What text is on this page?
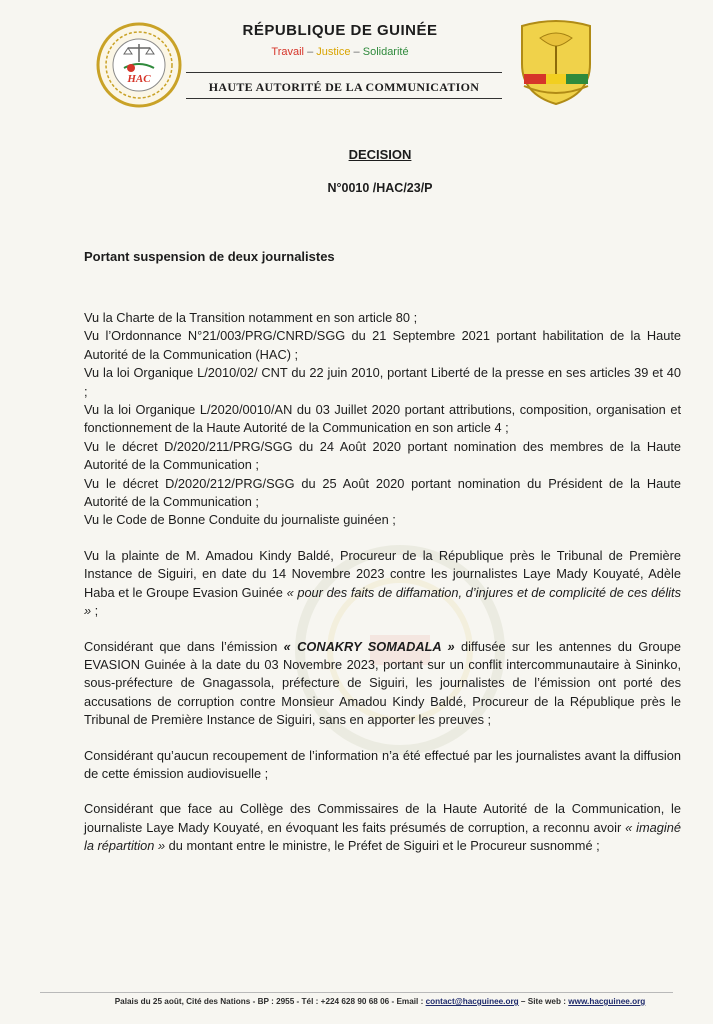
HAC
RÉPUBLIQUE DE GUINÉE
Travail – Justice – Solidarité
HAUTE AUTORITÉ DE LA COMMUNICATION
DECISION
N°0010 /HAC/23/P
Portant suspension de deux journalistes

Vu la Charte de la Transition notamment en son article 80 ;

Vu l’Ordonnance N°21/003/PRG/CNRD/SGG du 21 Septembre 2021 portant habilitation de la Haute Autorité de la Communication (HAC) ;

Vu la loi Organique L/2010/02/ CNT du 22 juin 2010, portant Liberté de la presse en ses articles 39 et 40 ;

Vu la loi Organique L/2020/0010/AN du 03 Juillet 2020 portant attributions, composition, organisation et fonctionnement de la Haute Autorité de la Communication en son article 4 ;

Vu le décret D/2020/211/PRG/SGG du 24 Août 2020 portant nomination des membres de la Haute Autorité de la Communication ;

Vu le décret D/2020/212/PRG/SGG du 25 Août 2020 portant nomination du Président de la Haute Autorité de la Communication ;

Vu le Code de Bonne Conduite du journaliste guinéen ;

Vu la plainte de M. Amadou Kindy Baldé, Procureur de la République près le Tribunal de Première Instance de Siguiri, en date du 14 Novembre 2023 contre les journalistes Laye Mady Kouyaté, Adèle Haba et le Groupe Evasion Guinée « pour des faits de diffamation, d’injures et de complicité de ces délits » ;

Considérant que dans l’émission « CONAKRY SOMADALA » diffusée sur les antennes du Groupe EVASION Guinée à la date du 03 Novembre 2023, portant sur un conflit intercommunautaire à Sininko, sous-préfecture de Gnagassola, préfecture de Siguiri, les journalistes de l’émission ont porté des accusations de corruption contre Monsieur Amadou Kindy Baldé, Procureur de la République près le Tribunal de Première Instance de Siguiri, sans en apporter les preuves ;

Considérant qu’aucun recoupement de l’information n’a été effectué par les journalistes avant la diffusion de cette émission audiovisuelle ;

Considérant que face au Collège des Commissaires de la Haute Autorité de la Communication, le journaliste Laye Mady Kouyaté, en évoquant les faits présumés de corruption, a reconnu avoir « imaginé la répartition » du montant entre le ministre, le Préfet de Siguiri et le Procureur susnommé ;

Palais du 25 août, Cité des Nations - BP : 2955 - Tél : +224 628 90 68 06 - Email : contact@hacguinee.org – Site web : www.hacguinee.org
